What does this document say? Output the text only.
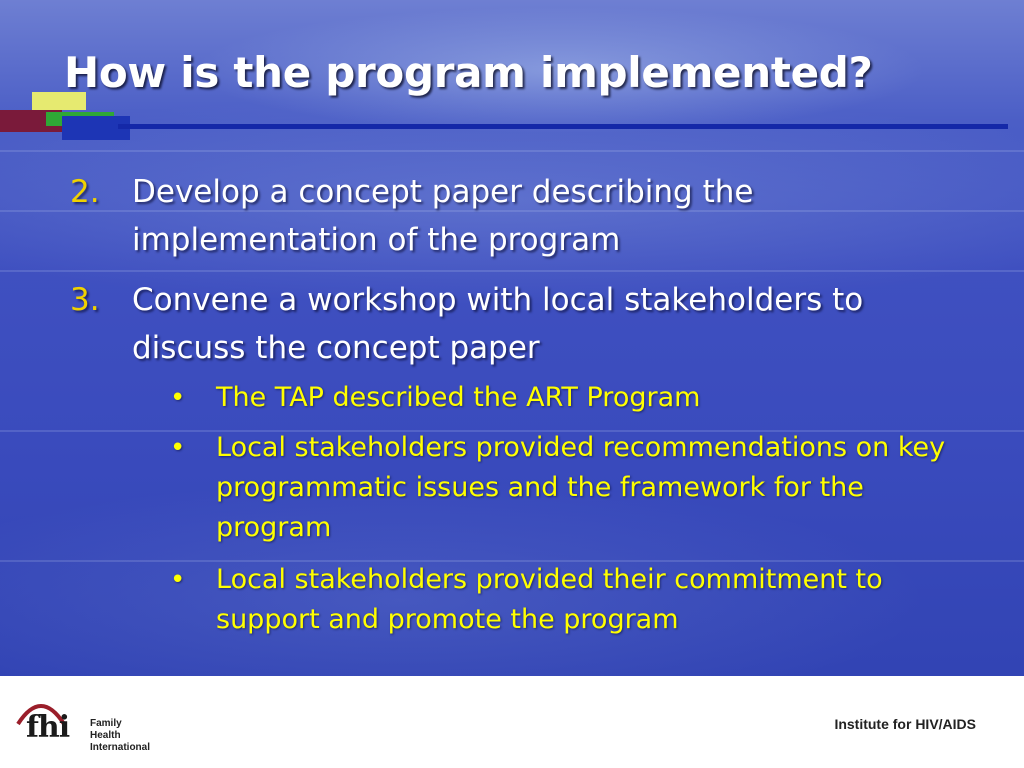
How is the program implemented?
2. Develop a concept paper describing the implementation of the program
3. Convene a workshop with local stakeholders to discuss the concept paper
• The TAP described the ART Program
• Local stakeholders provided recommendations on key programmatic issues and the framework for the program
• Local stakeholders provided their commitment to support and promote the program
fhi Family Health
International
Institute for HIV/AIDS
